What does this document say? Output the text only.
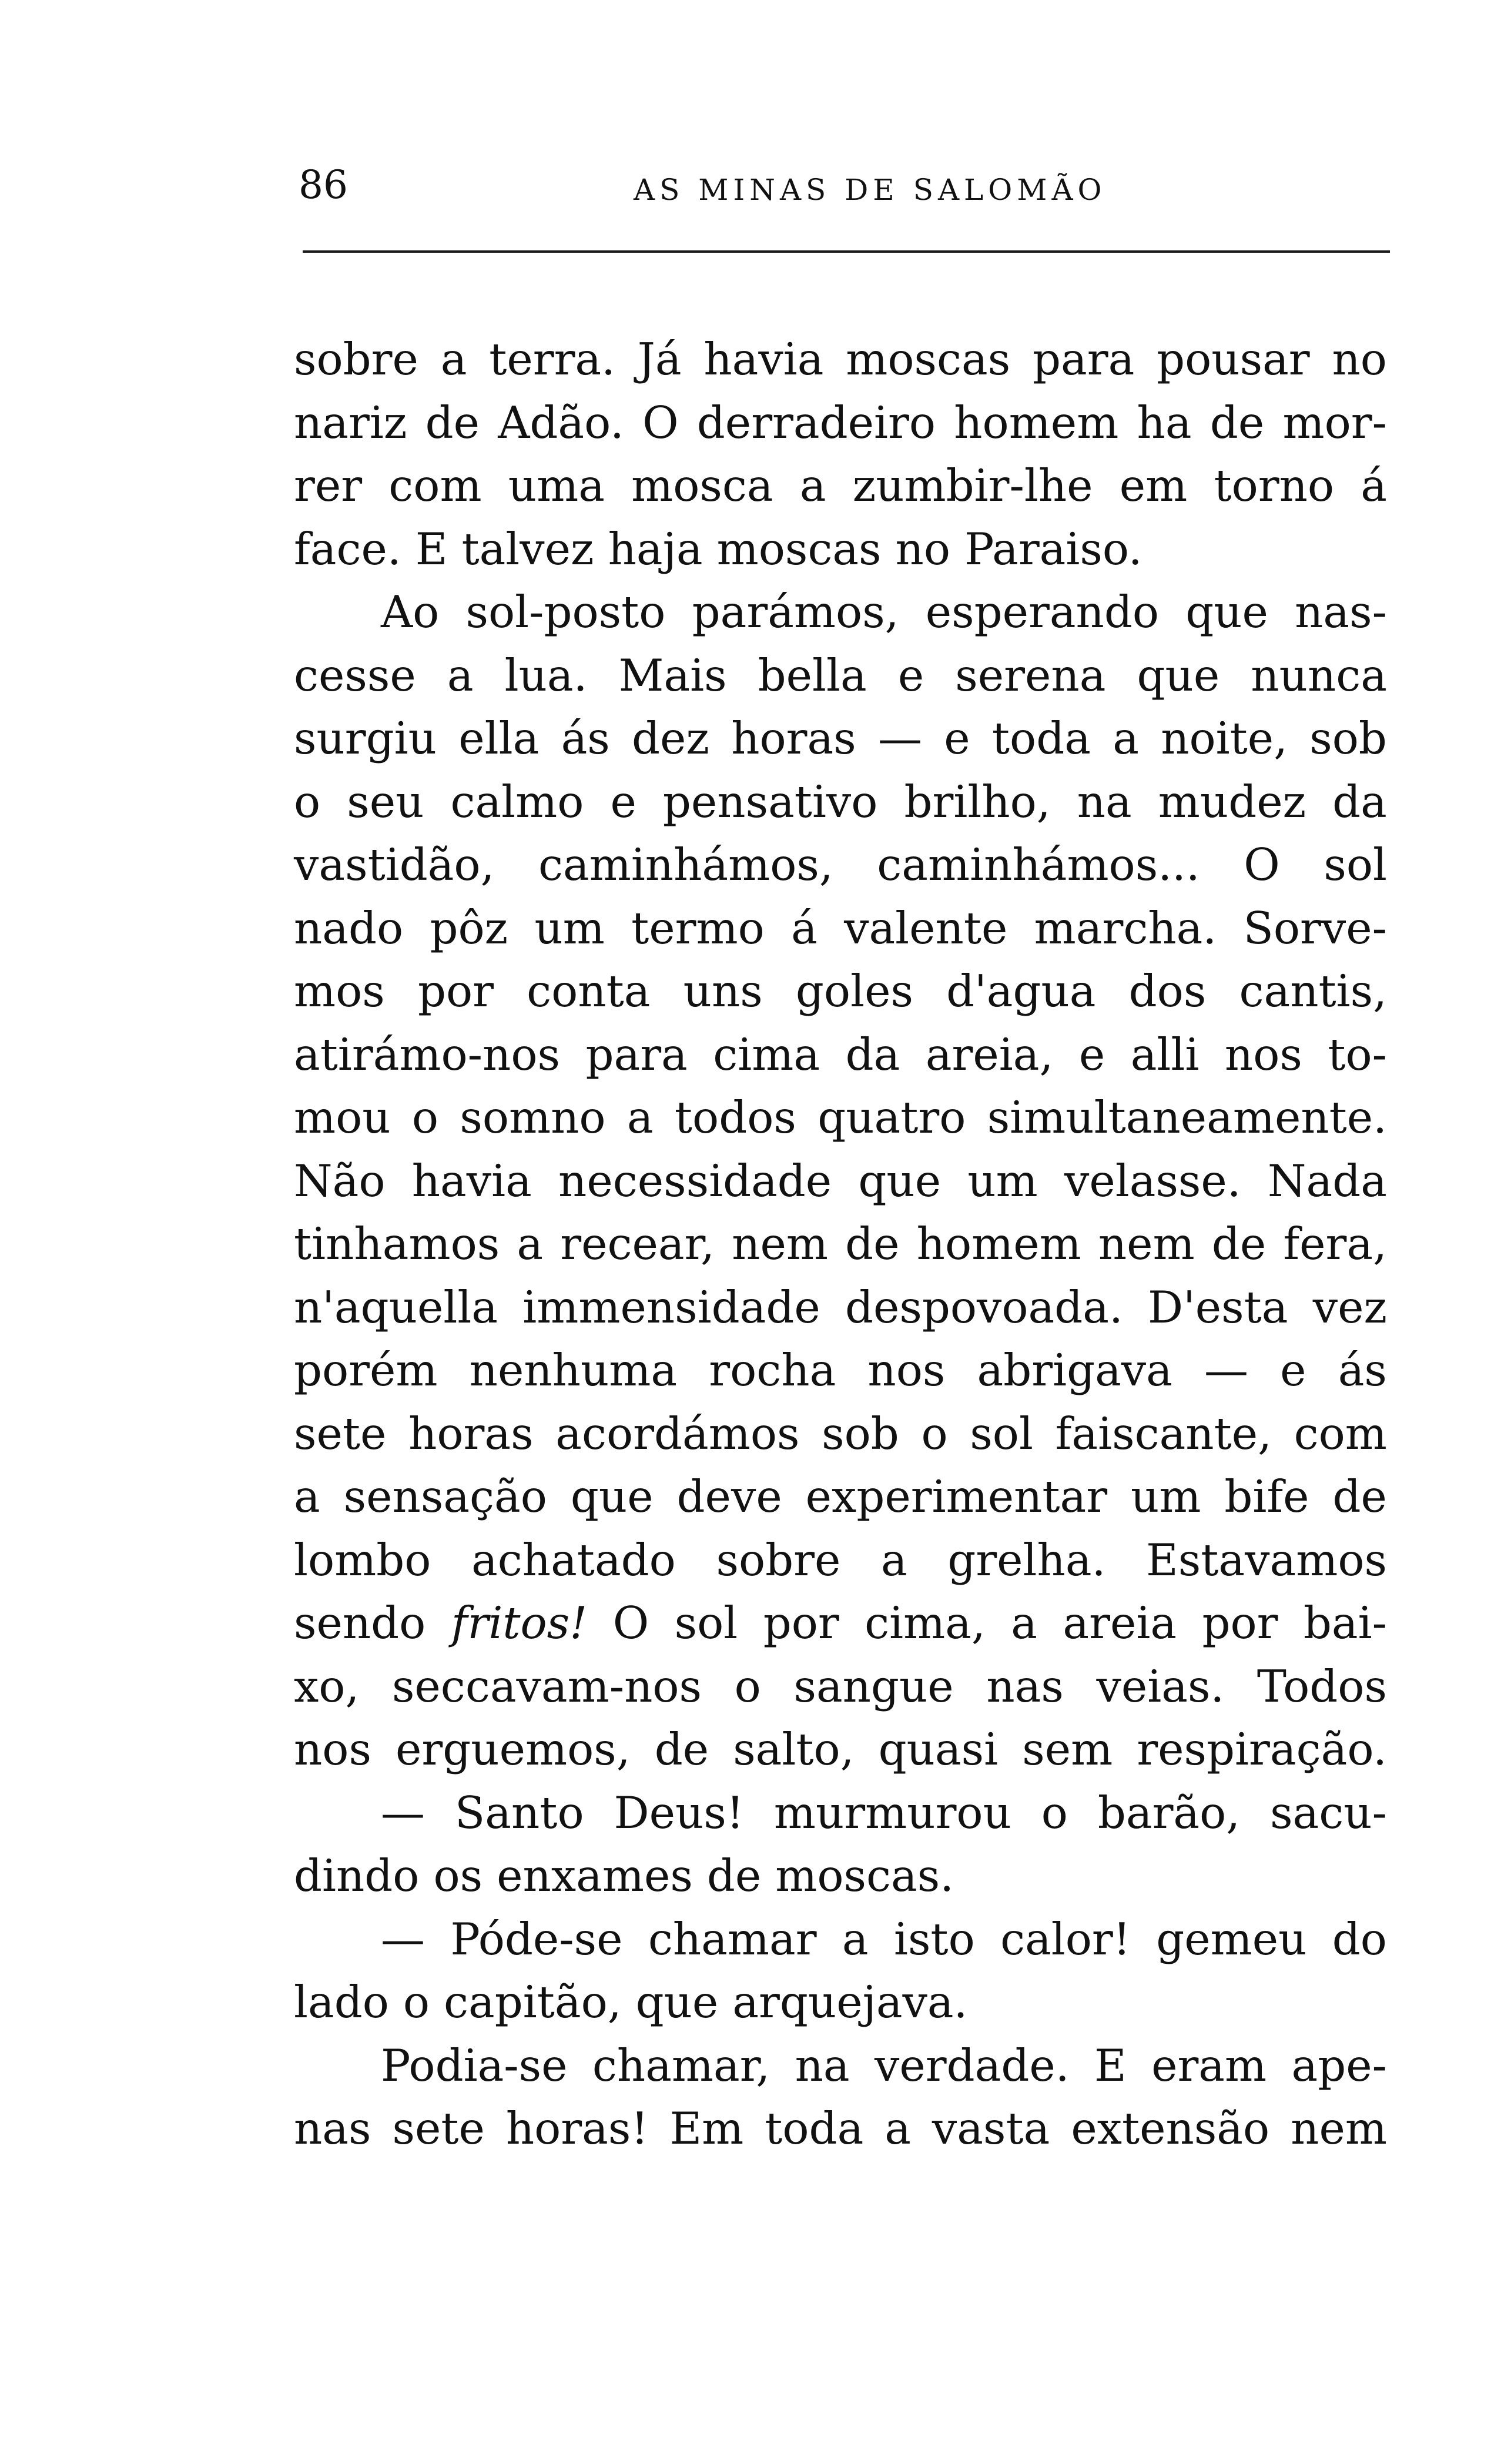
86	AS MINAS DE SALOMÃO
sobre a terra. Já havia moscas para pousar no
nariz de Adão. O derradeiro homem ha de mor-
rer com uma mosca a zumbir-lhe em torno á
face. E talvez haja moscas no Paraiso.
Ao sol-posto parámos, esperando que nas-
cesse a lua. Mais bella e serena que nunca
surgiu ella ás dez horas — e toda a noite, sob
o seu calmo e pensativo brilho, na mudez da
vastidão, caminhámos, caminhámos... O sol
nado pôz um termo á valente marcha. Sorve-
mos por conta uns goles d'agua dos cantis,
atirámo-nos para cima da areia, e alli nos to-
mou o somno a todos quatro simultaneamente.
Não havia necessidade que um velasse. Nada
tinhamos a recear, nem de homem nem de fera,
n'aquella immensidade despovoada. D'esta vez
porém nenhuma rocha nos abrigava — e ás
sete horas acordámos sob o sol faiscante, com
a sensação que deve experimentar um bife de
lombo achatado sobre a grelha. Estavamos
sendo fritos! O sol por cima, a areia por bai-
xo, seccavam-nos o sangue nas veias. Todos
nos erguemos, de salto, quasi sem respiração.
— Santo Deus! murmurou o barão, sacu-
dindo os enxames de moscas.
— Póde-se chamar a isto calor! gemeu do
lado o capitão, que arquejava.
Podia-se chamar, na verdade. E eram ape-
nas sete horas! Em toda a vasta extensão nem
